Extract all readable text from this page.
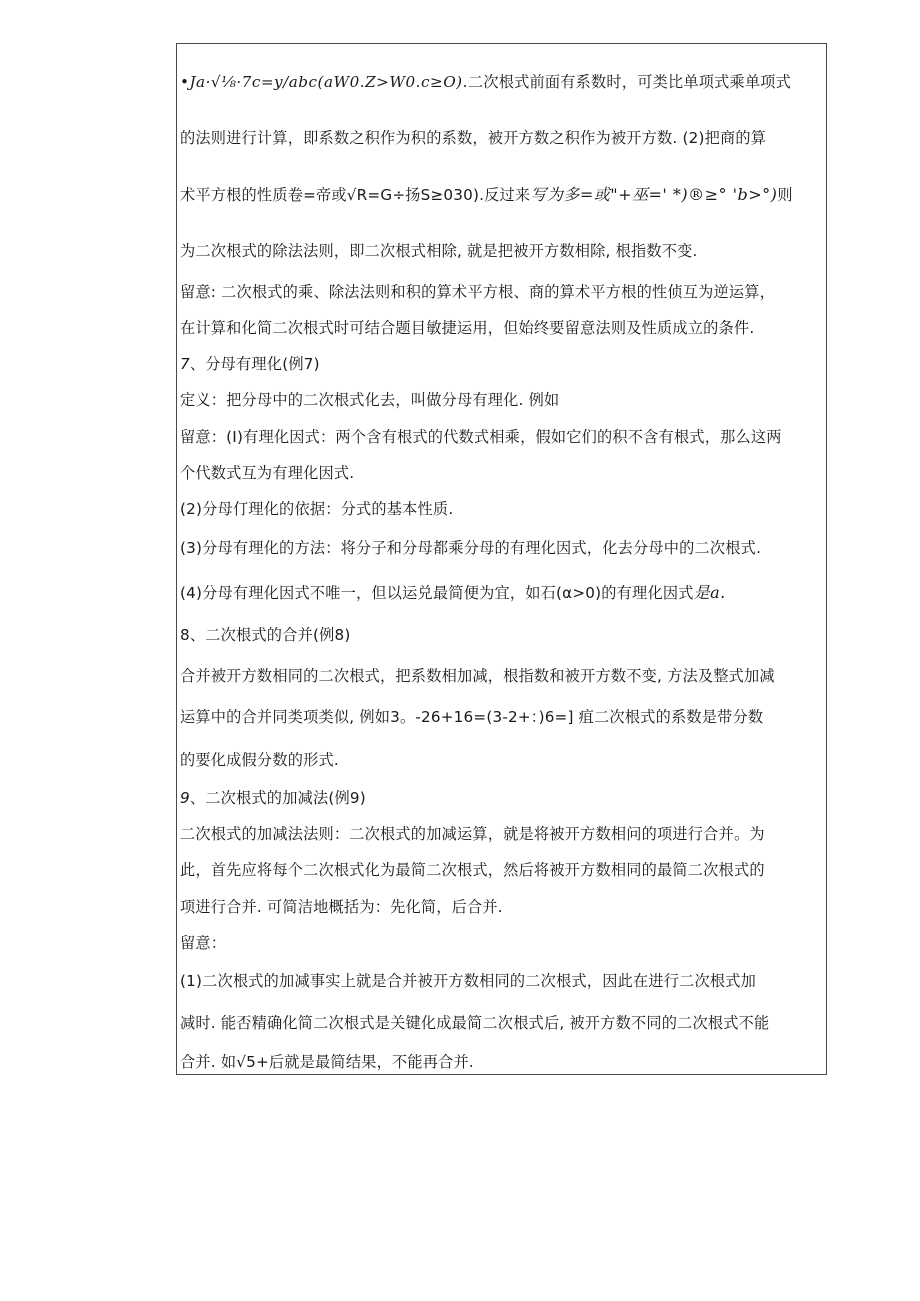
•Ja·√⅛·7c=y/abc(aW0.Z>W0.c≥O).二次根式前面有系数时，可类比单项式乘单项式
的法则进行计算，即系数之积作为积的系数，被开方数之积作为被开方数. (2)把商的算
术平方根的性质卷=帝或√R=G÷扬S≥030).反过来写为多=或"+巫=' *)®≥° 'b>°)则
为二次根式的除法法则，即二次根式相除, 就是把被开方数相除, 根指数不变.
留意: 二次根式的乘、除法法则和积的算术平方根、商的算术平方根的性侦互为逆运算，
在计算和化简二次根式时可结合题目敏捷运用，但始终要留意法则及性质成立的条件.
7、分母有理化(例7)
定义：把分母中的二次根式化去，叫做分母有理化. 例如
留意：(I)有理化因式：两个含有根式的代数式相乘，假如它们的积不含有根式，那么这两
个代数式互为有理化因式.
(2)分母仃理化的依据：分式的基本性质.
(3)分母有理化的方法：将分子和分母都乘分母的有理化因式，化去分母中的二次根式.
(4)分母有理化因式不唯一，但以运兑最简便为宜，如石(α>0)的有理化因式是a.
8、二次根式的合并(例8)
合并被开方数相同的二次根式，把系数相加减，根指数和被开方数不变, 方法及整式加减
运算中的合并同类项类似, 例如3。-26+16=(3-2+：)6=] 疽二次根式的系数是带分数
的要化成假分数的形式.
9、二次根式的加减法(例9)
二次根式的加减法法则：二次根式的加减运算，就是将被开方数相问的项进行合并。为
此，首先应将每个二次根式化为最简二次根式，然后将被开方数相同的最简二次根式的
项进行合并. 可简洁地概括为：先化简，后合并.
留意：
(1)二次根式的加减事实上就是合并被开方数相同的二次根式，因此在进行二次根式加
减时. 能否精确化简二次根式是关键化成最简二次根式后, 被开方数不同的二次根式不能
合并. 如√5+后就是最简结果，不能再合并.
